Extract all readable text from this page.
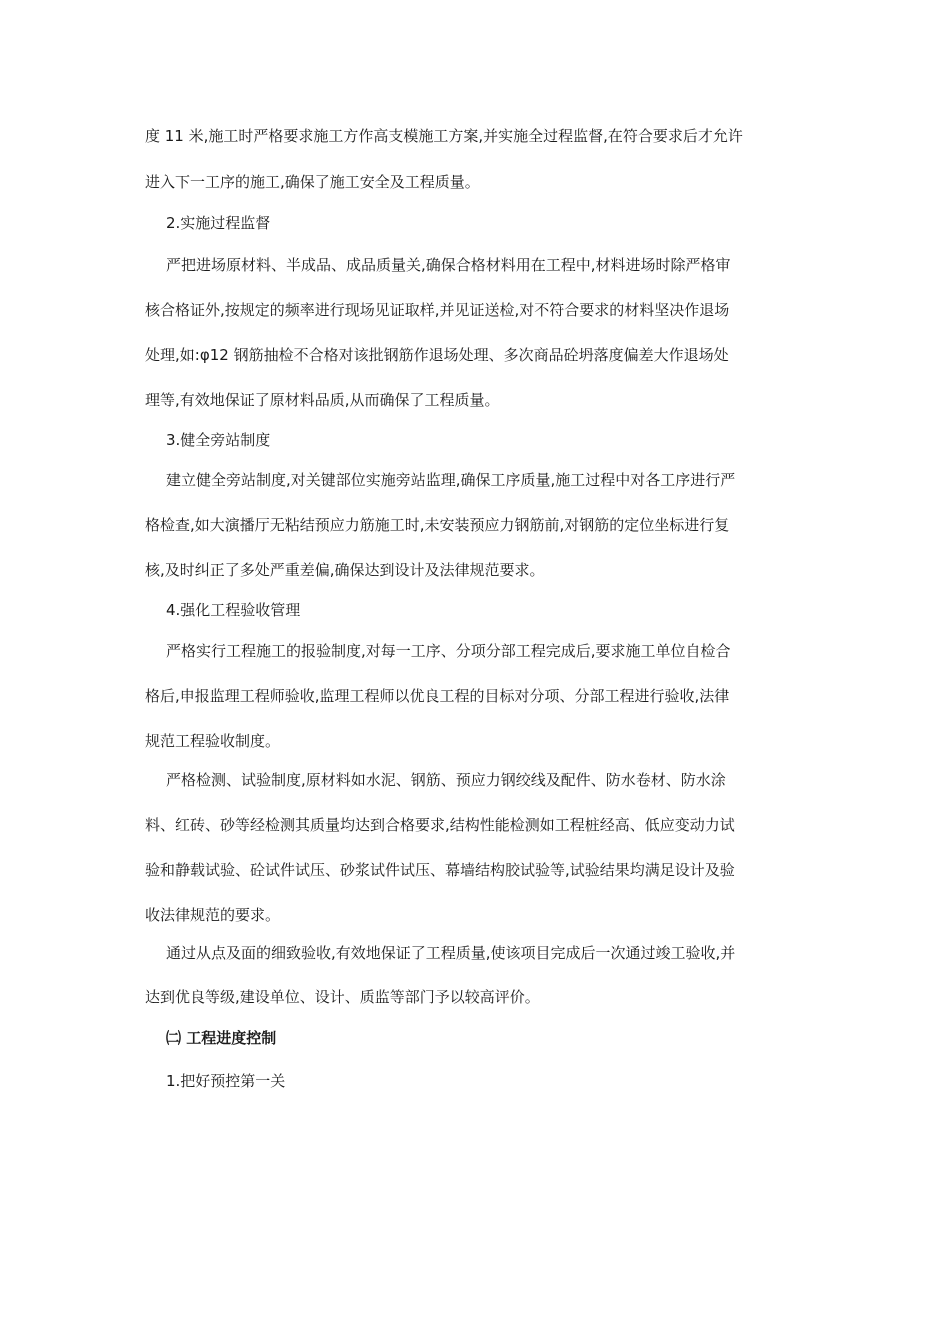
度 11 米,施工时严格要求施工方作高支模施工方案,并实施全过程监督,在符合要求后才允许
进入下一工序的施工,确保了施工安全及工程质量。
2.实施过程监督
严把进场原材料、半成品、成品质量关,确保合格材料用在工程中,材料进场时除严格审
核合格证外,按规定的频率进行现场见证取样,并见证送检,对不符合要求的材料坚决作退场
处理,如:φ12 钢筋抽检不合格对该批钢筋作退场处理、多次商品砼坍落度偏差大作退场处
理等,有效地保证了原材料品质,从而确保了工程质量。
3.健全旁站制度
建立健全旁站制度,对关键部位实施旁站监理,确保工序质量,施工过程中对各工序进行严
格检查,如大演播厅无粘结预应力筋施工时,未安装预应力钢筋前,对钢筋的定位坐标进行复
核,及时纠正了多处严重差偏,确保达到设计及法律规范要求。
4.强化工程验收管理
严格实行工程施工的报验制度,对每一工序、分项分部工程完成后,要求施工单位自检合
格后,申报监理工程师验收,监理工程师以优良工程的目标对分项、分部工程进行验收,法律
规范工程验收制度。
严格检测、试验制度,原材料如水泥、钢筋、预应力钢绞线及配件、防水卷材、防水涂
料、红砖、砂等经检测其质量均达到合格要求,结构性能检测如工程桩经高、低应变动力试
验和静载试验、砼试件试压、砂浆试件试压、幕墙结构胶试验等,试验结果均满足设计及验
收法律规范的要求。
通过从点及面的细致验收,有效地保证了工程质量,使该项目完成后一次通过竣工验收,并
达到优良等级,建设单位、设计、质监等部门予以较高评价。
㈡ 工程进度控制
1.把好预控第一关
